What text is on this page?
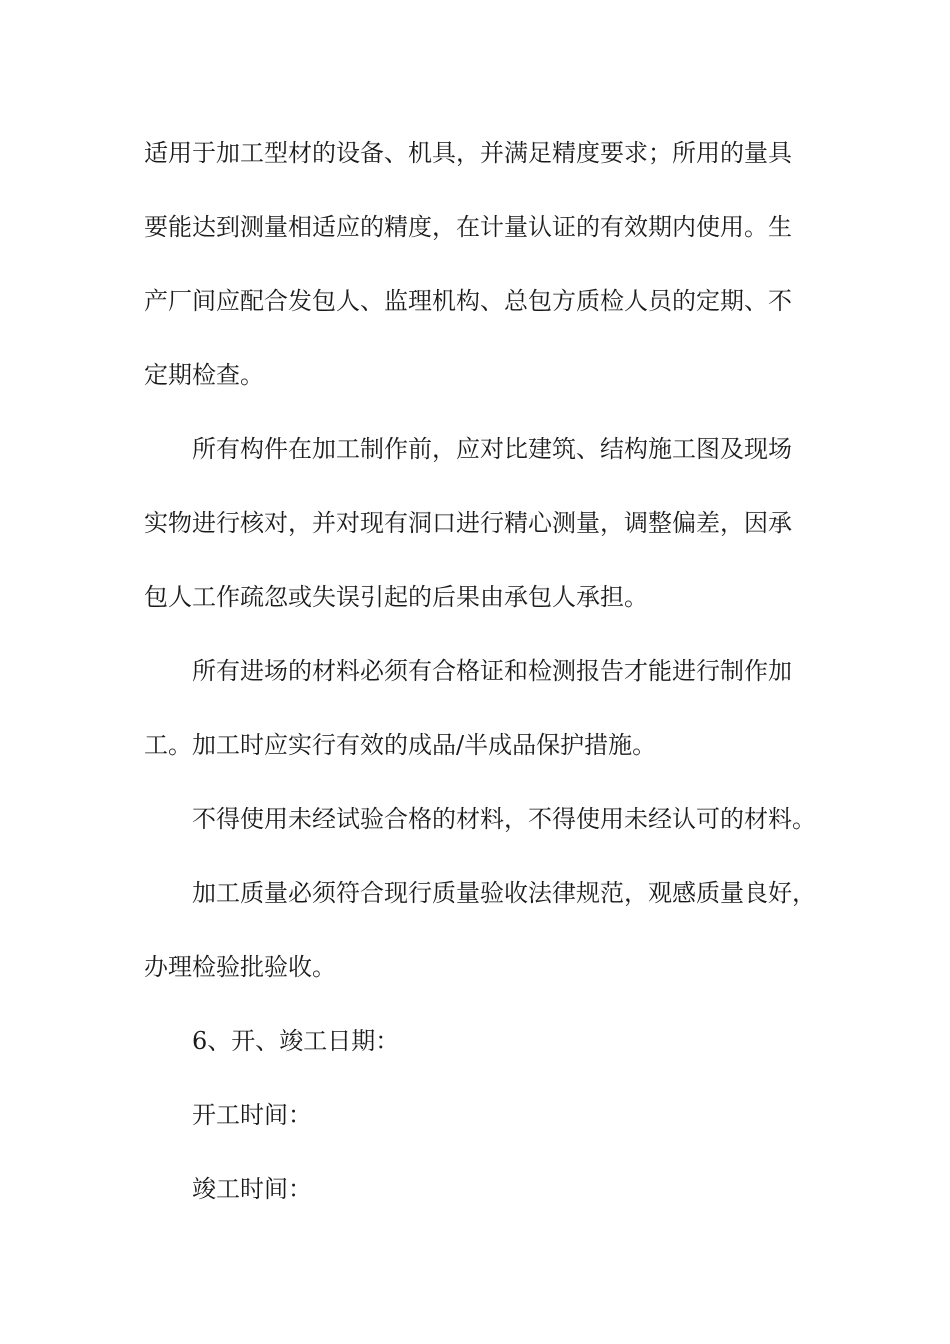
适用于加工型材的设备、机具，并满足精度要求；所用的量具
要能达到测量相适应的精度，在计量认证的有效期内使用。生
产厂间应配合发包人、监理机构、总包方质检人员的定期、不
定期检查。
所有构件在加工制作前，应对比建筑、结构施工图及现场
实物进行核对，并对现有洞口进行精心测量，调整偏差，因承
包人工作疏忽或失误引起的后果由承包人承担。
所有进场的材料必须有合格证和检测报告才能进行制作加
工。加工时应实行有效的成品/半成品保护措施。
不得使用未经试验合格的材料，不得使用未经认可的材料。
加工质量必须符合现行质量验收法律规范，观感质量良好，
办理检验批验收。
6、开、竣工日期：
开工时间：
竣工时间：
